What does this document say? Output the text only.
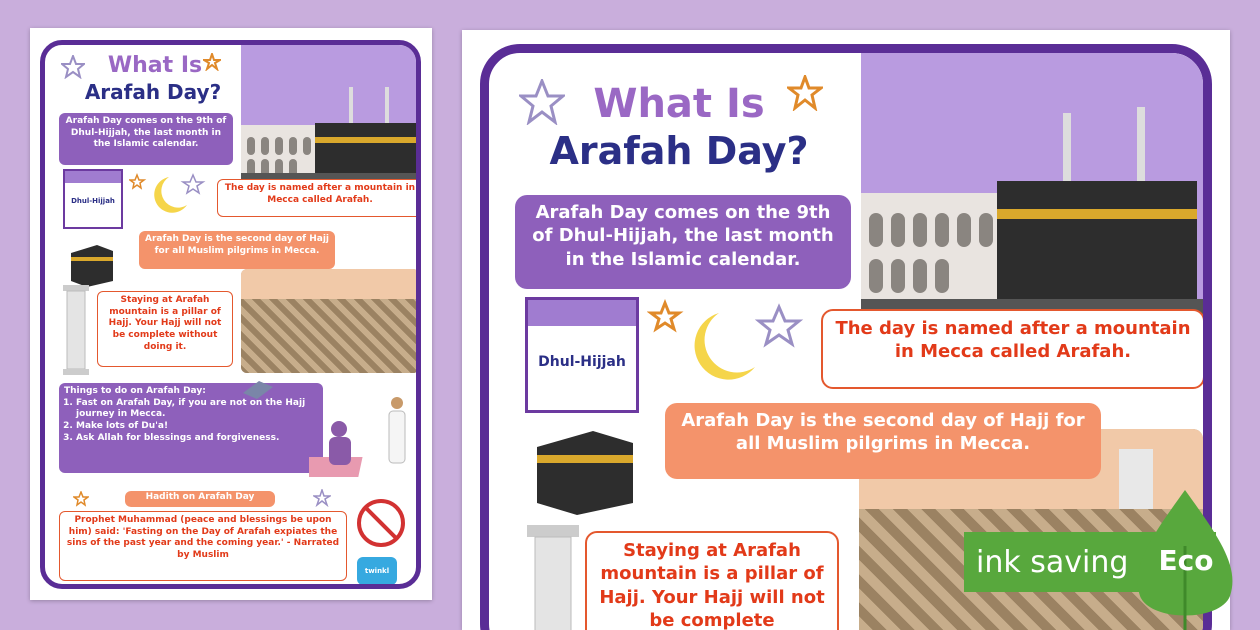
What Is
Arafah Day?
Arafah Day comes on the 9th of Dhul-Hijjah, the last month in the Islamic calendar.
Dhul-Hijjah
The day is named after a mountain in Mecca called Arafah.
Arafah Day is the second day of Hajj for all Muslim pilgrims in Mecca.
Staying at Arafah mountain is a pillar of Hajj. Your Hajj will not be complete without doing it.
Things to do on Arafah Day:
1. Fast on Arafah Day, if you are not on the Hajj journey in Mecca.
2. Make lots of Du'a!
3. Ask Allah for blessings and forgiveness.
Hadith on Arafah Day
Prophet Muhammad (peace and blessings be upon him) said: 'Fasting on the Day of Arafah expiates the sins of the past year and the coming year.' - Narrated by Muslim
twinkl
What Is
Arafah Day?
Arafah Day comes on the 9th of Dhul-Hijjah, the last month in the Islamic calendar.
Dhul-Hijjah
The day is named after a mountain in Mecca called Arafah.
Arafah Day is the second day of Hajj for all Muslim pilgrims in Mecca.
Staying at Arafah mountain is a pillar of Hajj. Your Hajj will not be complete
ink saving	Eco
